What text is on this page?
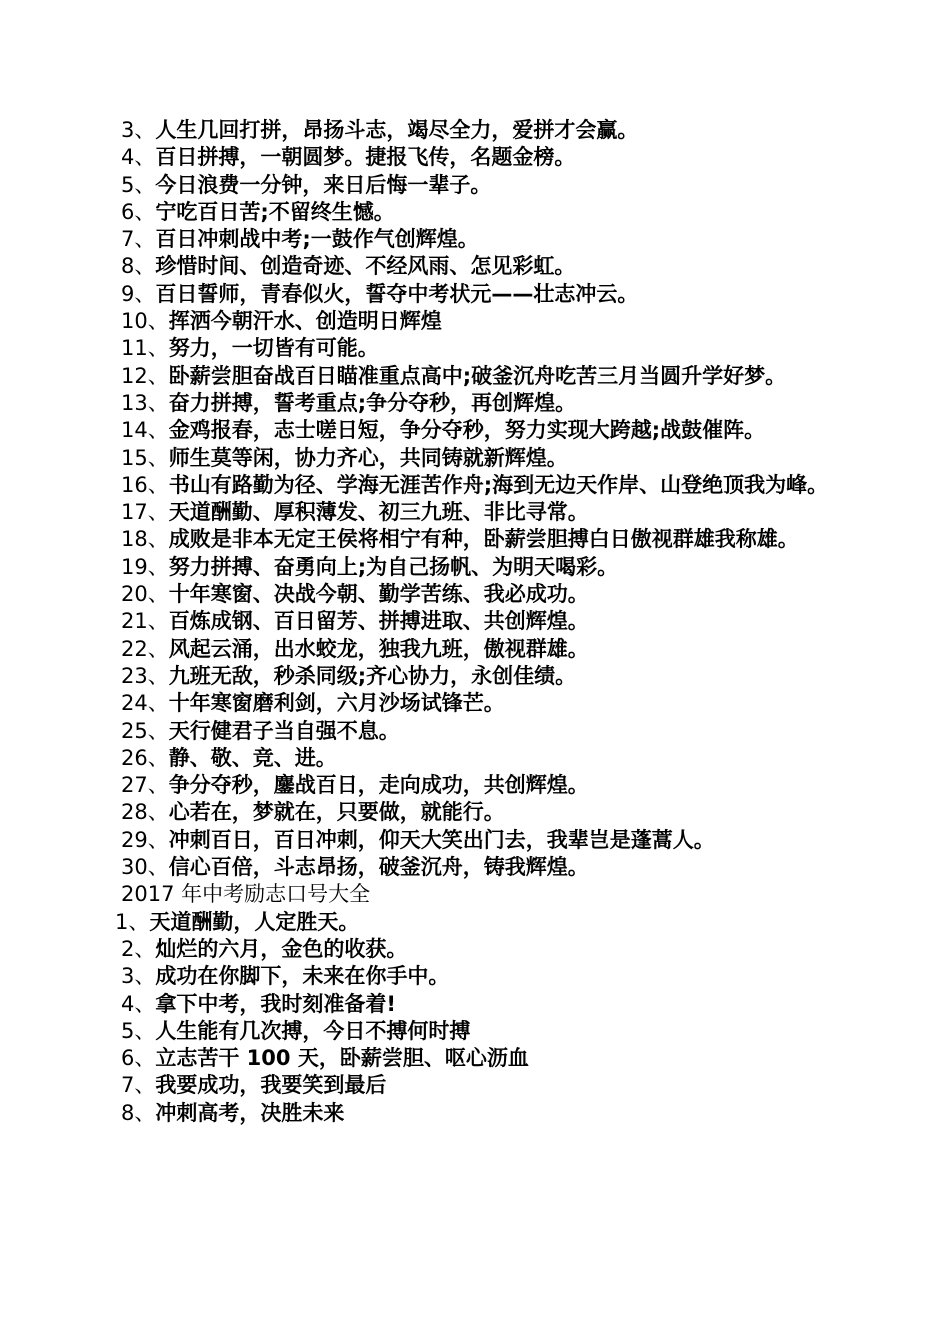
3、人生几回打拼，昂扬斗志，竭尽全力，爱拼才会赢。

4、百日拼搏，一朝圆梦。捷报飞传，名题金榜。

5、今日浪费一分钟，来日后悔一辈子。

6、宁吃百日苦;不留终生憾。

7、百日冲刺战中考;一鼓作气创辉煌。

8、珍惜时间、创造奇迹、不经风雨、怎见彩虹。

9、百日誓师，青春似火，誓夺中考状元——壮志冲云。

10、挥洒今朝汗水、创造明日辉煌

11、努力，一切皆有可能。

12、卧薪尝胆奋战百日瞄准重点高中;破釜沉舟吃苦三月当圆升学好梦。

13、奋力拼搏，誓考重点;争分夺秒，再创辉煌。

14、金鸡报春，志士嗟日短，争分夺秒，努力实现大跨越;战鼓催阵。

15、师生莫等闲，协力齐心，共同铸就新辉煌。

16、书山有路勤为径、学海无涯苦作舟;海到无边天作岸、山登绝顶我为峰。

17、天道酬勤、厚积薄发、初三九班、非比寻常。

18、成败是非本无定王侯将相宁有种，卧薪尝胆搏白日傲视群雄我称雄。

19、努力拼搏、奋勇向上;为自己扬帆、为明天喝彩。

20、十年寒窗、决战今朝、勤学苦练、我必成功。

21、百炼成钢、百日留芳、拼搏进取、共创辉煌。

22、风起云涌，出水蛟龙，独我九班，傲视群雄。

23、九班无敌，秒杀同级;齐心协力，永创佳绩。

24、十年寒窗磨利剑，六月沙场试锋芒。

25、天行健君子当自强不息。

26、静、敬、竞、进。

27、争分夺秒，鏖战百日，走向成功，共创辉煌。

28、心若在，梦就在，只要做，就能行。

29、冲刺百日，百日冲刺，仰天大笑出门去，我辈岂是蓬蒿人。

30、信心百倍，斗志昂扬，破釜沉舟，铸我辉煌。

2017 年中考励志口号大全

1、天道酬勤，人定胜天。

2、灿烂的六月，金色的收获。

3、成功在你脚下，未来在你手中。

4、拿下中考，我时刻准备着!

5、人生能有几次搏，今日不搏何时搏

6、立志苦干 100 天，卧薪尝胆、呕心沥血

7、我要成功，我要笑到最后

8、冲刺高考，决胜未来
